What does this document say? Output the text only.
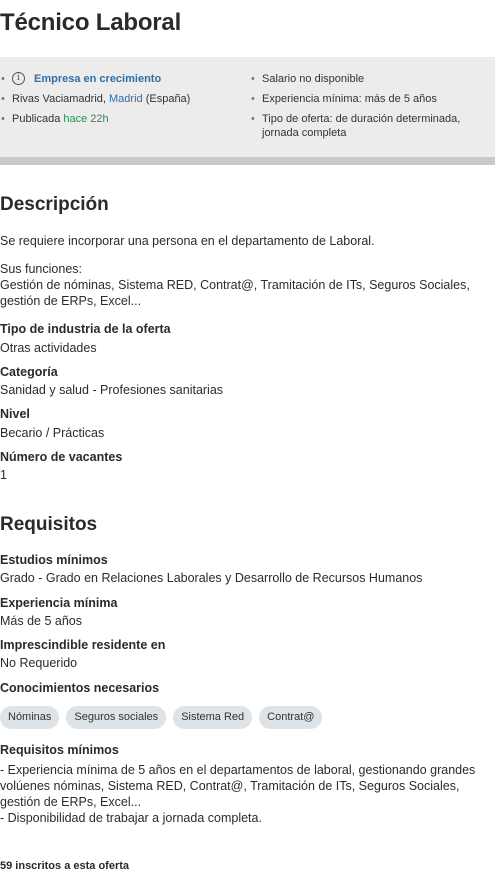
Técnico Laboral
• i	Empresa en crecimiento
• Rivas Vaciamadrid, Madrid (España)
• Publicada hace 22h
• Salario no disponible
• Experiencia mínima: más de 5 años
• Tipo de oferta: de duración determinada,
jornada completa
Descripción

Se requiere incorporar una persona en el departamento de Laboral.

Sus funciones:

Gestión de nóminas, Sistema RED, Contrat@, Tramitación de ITs, Seguros Sociales, gestión de ERPs, Excel...

Tipo de industria de la oferta

Otras actividades

Categoría

Sanidad y salud - Profesiones sanitarias

Nivel

Becario / Prácticas

Número de vacantes

1

Requisitos

Estudios mínimos

Grado - Grado en Relaciones Laborales y Desarrollo de Recursos Humanos

Experiencia mínima

Más de 5 años

Imprescindible residente en

No Requerido

Conocimientos necesarios

Nóminas	Seguros sociales	Sistema Red	Contrat@

Requisitos mínimos

- Experiencia mínima de 5 años en el departamentos de laboral, gestionando grandes volúenes nóminas, Sistema RED, Contrat@, Tramitación de ITs, Seguros Sociales, gestión de ERPs, Excel...

- Disponibilidad de trabajar a jornada completa.

59 inscritos a esta oferta
